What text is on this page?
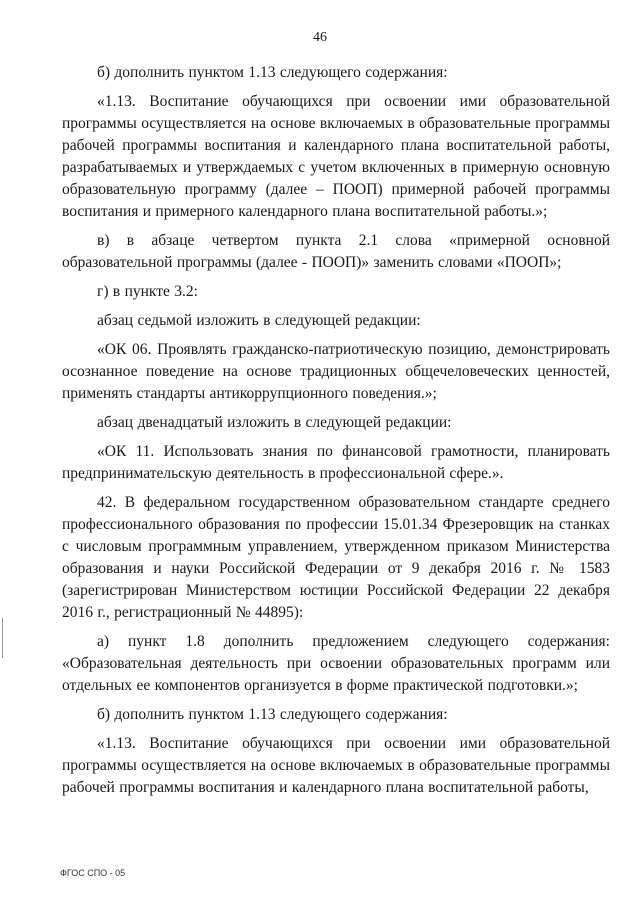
46

б) дополнить пунктом 1.13 следующего содержания:

«1.13. Воспитание обучающихся при освоении ими образовательной программы осуществляется на основе включаемых в образовательные программы рабочей программы воспитания и календарного плана воспитательной работы, разрабатываемых и утверждаемых с учетом включенных в примерную основную образовательную программу (далее – ПООП) примерной рабочей программы воспитания и примерного календарного плана воспитательной работы.»;

в) в абзаце четвертом пункта 2.1 слова «примерной основной образовательной программы (далее - ПООП)» заменить словами «ПООП»;

г) в пункте 3.2:

абзац седьмой изложить в следующей редакции:

«ОК 06. Проявлять гражданско-патриотическую позицию, демонстрировать осознанное поведение на основе традиционных общечеловеческих ценностей, применять стандарты антикоррупционного поведения.»;

абзац двенадцатый изложить в следующей редакции:

«ОК 11. Использовать знания по финансовой грамотности, планировать предпринимательскую деятельность в профессиональной сфере.».

42. В федеральном государственном образовательном стандарте среднего профессионального образования по профессии 15.01.34 Фрезеровщик на станках с числовым программным управлением, утвержденном приказом Министерства образования и науки Российской Федерации от 9 декабря 2016 г. № 1583 (зарегистрирован Министерством юстиции Российской Федерации 22 декабря 2016 г., регистрационный № 44895):

а) пункт 1.8 дополнить предложением следующего содержания: «Образовательная деятельность при освоении образовательных программ или отдельных ее компонентов организуется в форме практической подготовки.»;

б) дополнить пунктом 1.13 следующего содержания:

«1.13. Воспитание обучающихся при освоении ими образовательной программы осуществляется на основе включаемых в образовательные программы рабочей программы воспитания и календарного плана воспитательной работы,

ФГОС СПО - 05
